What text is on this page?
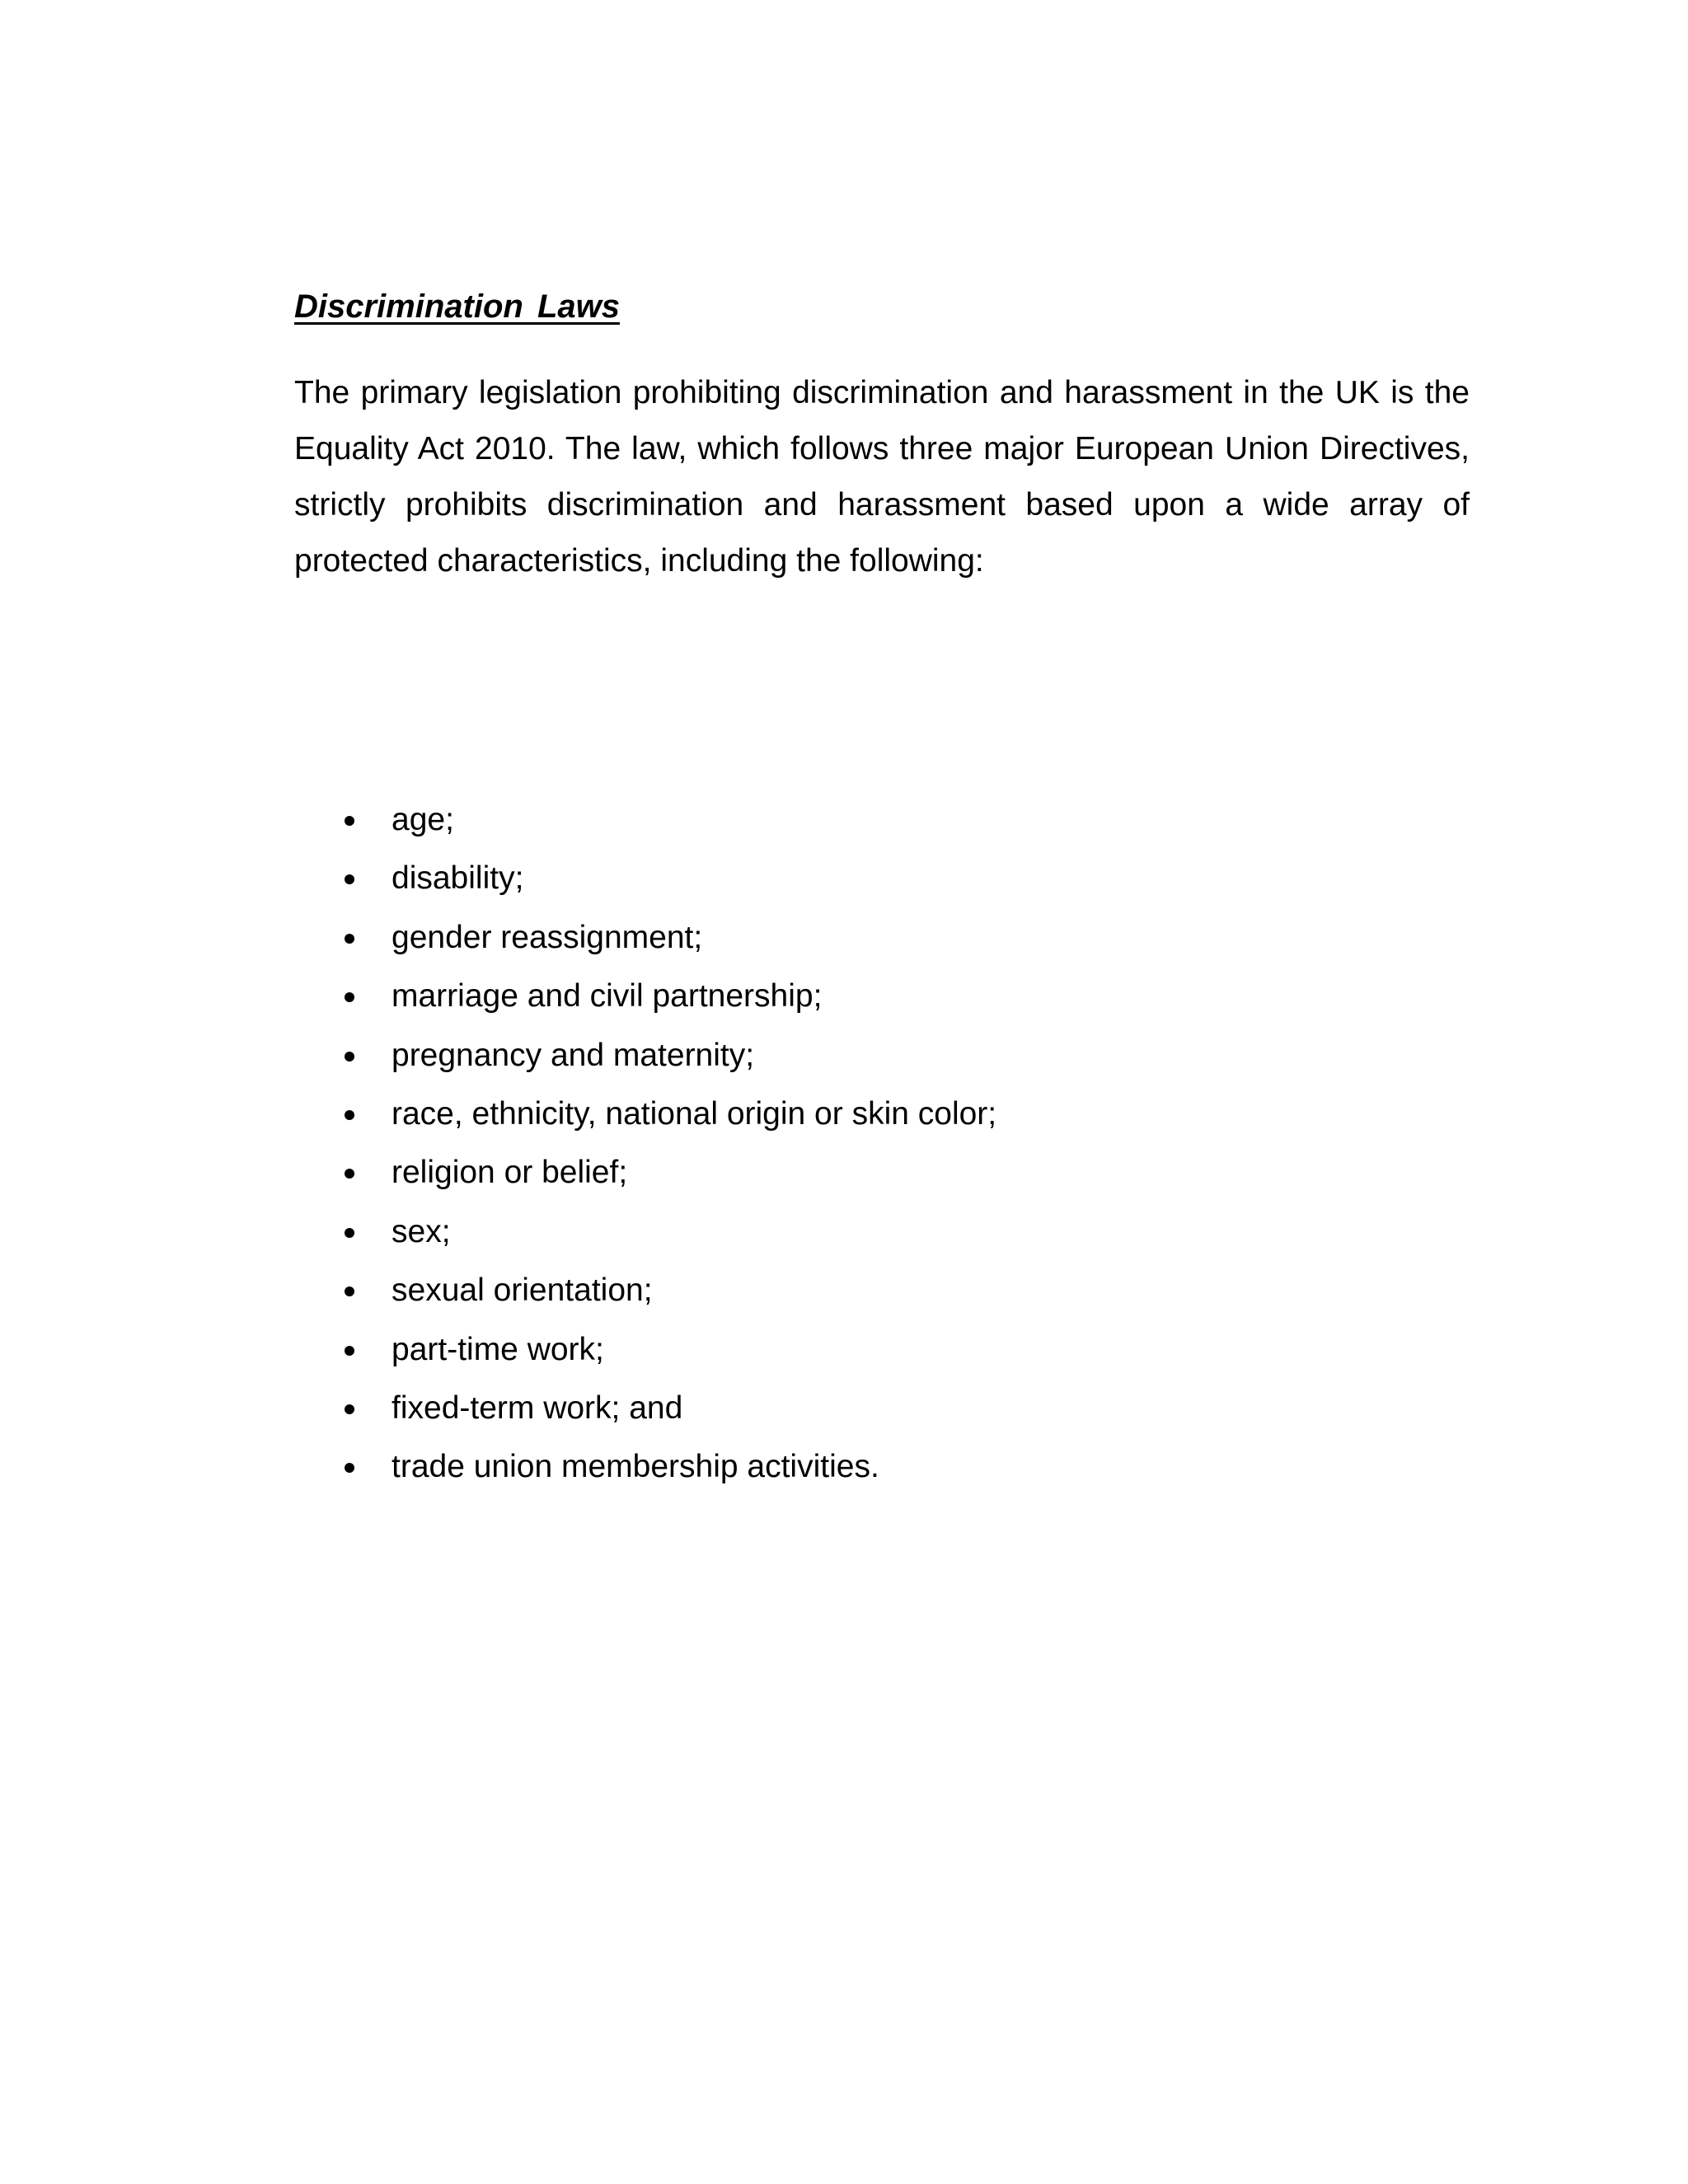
Discrimination Laws

The primary legislation prohibiting discrimination and harassment in the UK is the Equality Act 2010. The law, which follows three major European Union Directives, strictly prohibits discrimination and harassment based upon a wide array of protected characteristics, including the following:

age;
disability;
gender reassignment;
marriage and civil partnership;
pregnancy and maternity;
race, ethnicity, national origin or skin color;
religion or belief;
sex;
sexual orientation;
part-time work;
fixed-term work; and
trade union membership activities.
